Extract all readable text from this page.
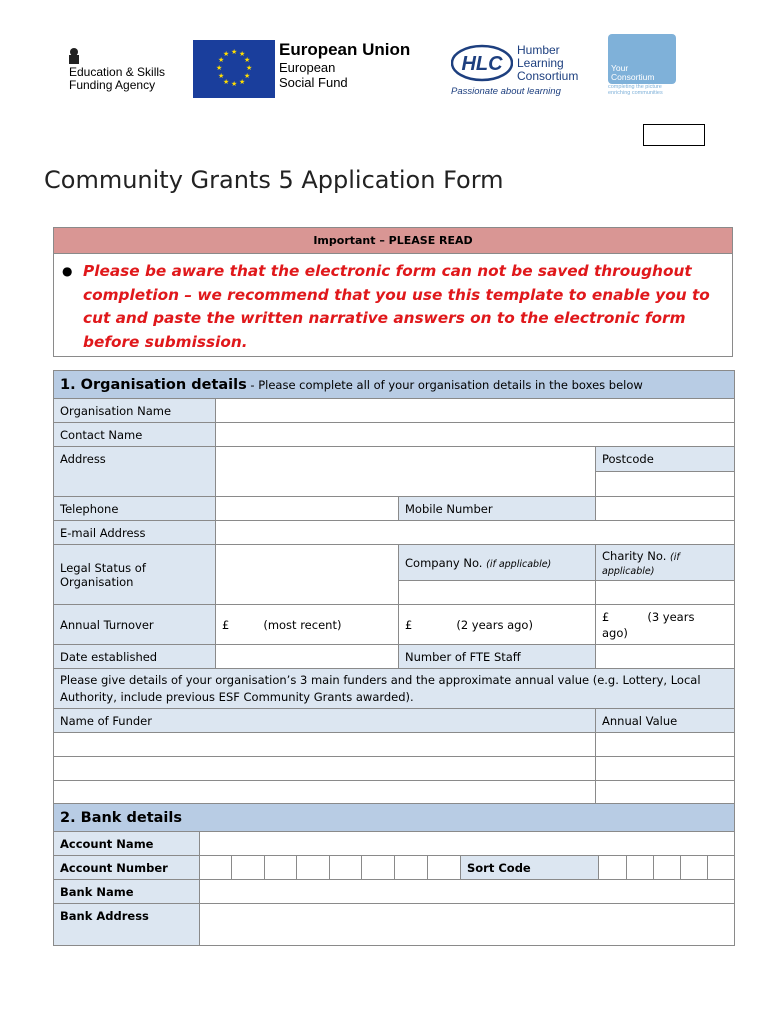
Education & Skills Funding Agency
★ ★
★
★
★
★
★
★
★
★
★
★	European Union
European
Social Fund
HLC
Humber
Learning
Consortium
Passionate about learning
Your
Consortium
completing the picture enriching communities
Community Grants 5 Application Form
Important – PLEASE READ
● Please be aware that the electronic form can not be saved throughout completion – we recommend that you use this template to enable you to cut and paste the written narrative answers on to the electronic form before submission.
1. Organisation details - Please complete all of your organisation details in the boxes below			
Organisation Name			
Contact Name			
Address			Postcode

Telephone		Mobile Number	
E-mail Address			
Legal Status of Organisation		Company No. (if applicable)	Charity No. (if applicable)

Annual Turnover	£ (most recent)	£ (2 years ago)	£ (3 years
ago)
Date established		Number of FTE Staff	
Please give details of your organisation’s 3 main funders and the approximate annual value (e.g. Lottery, Local Authority, include previous ESF Community Grants awarded).			
Name of Funder			Annual Value

2. Bank details														
Account Name														
Account Number									Sort Code					
Bank Name														
Bank Address														
